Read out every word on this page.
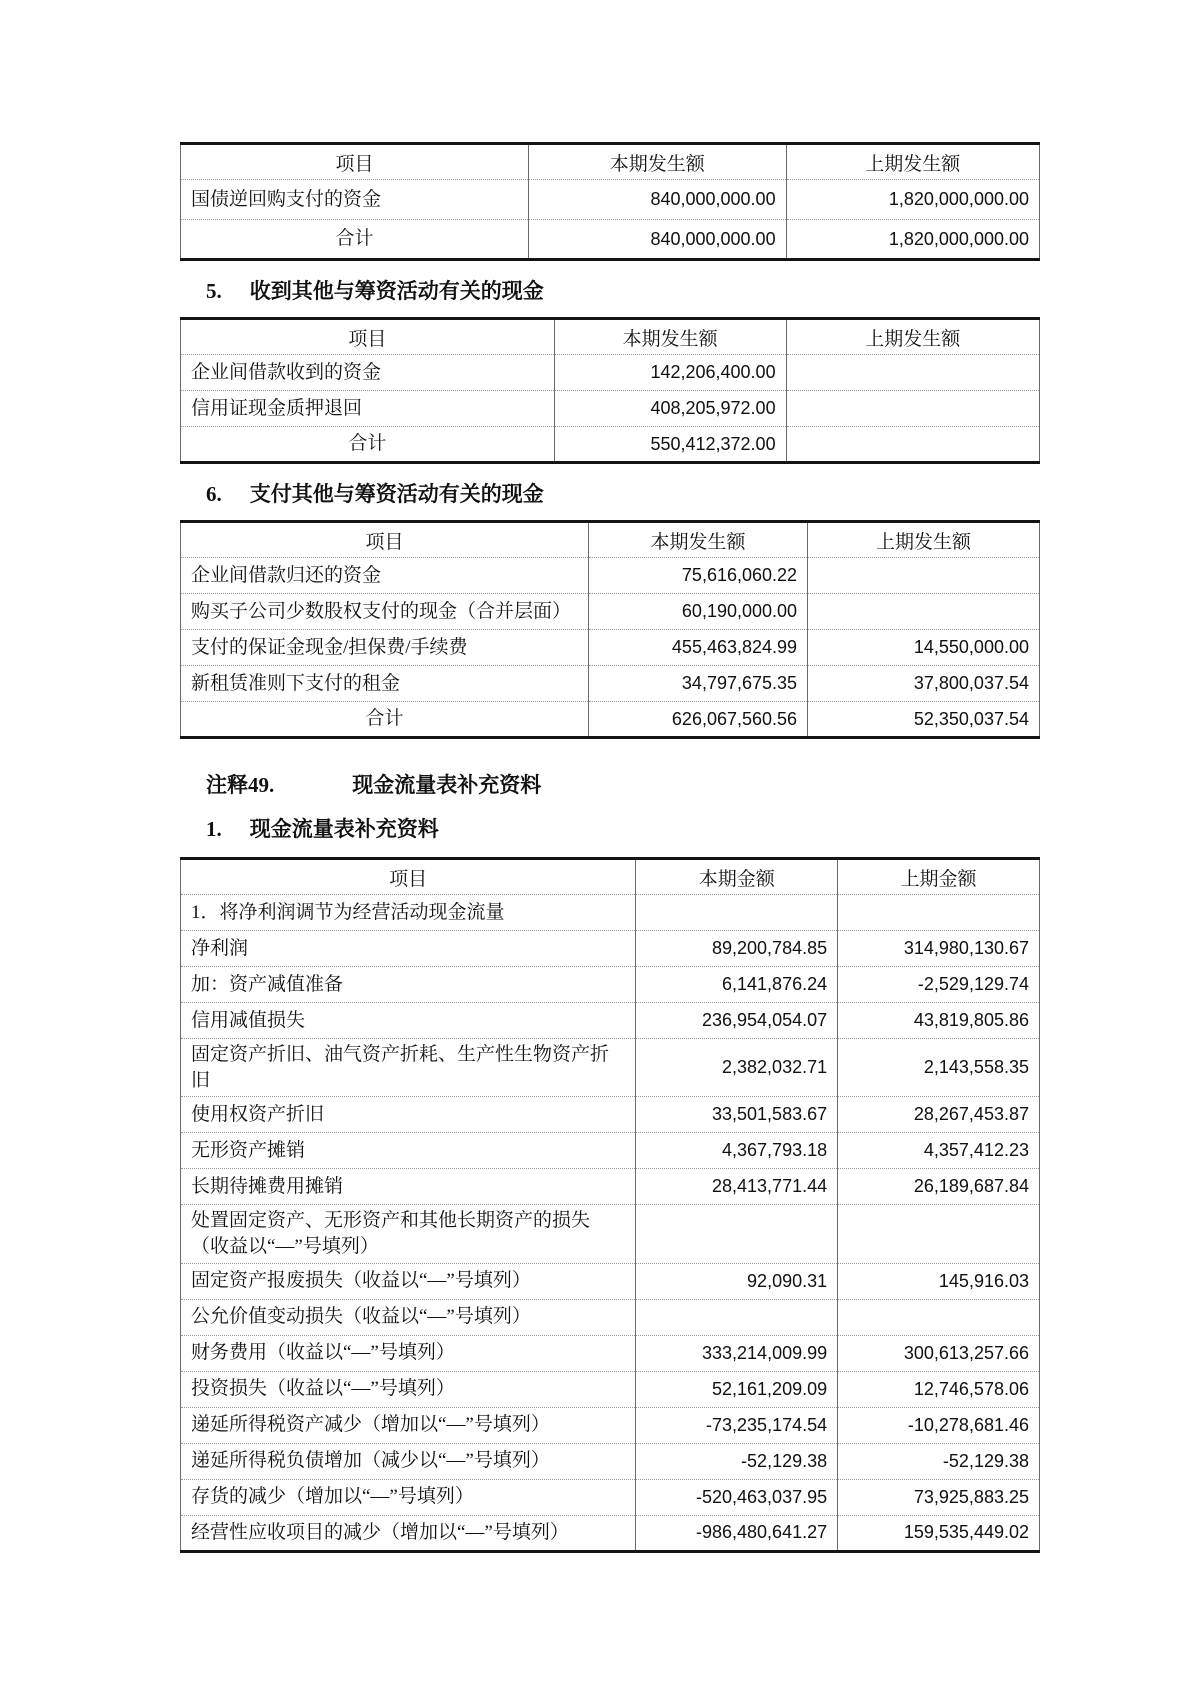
项目	本期发生额	上期发生额
国债逆回购支付的资金	840,000,000.00	1,820,000,000.00
合计	840,000,000.00	1,820,000,000.00
5. 收到其他与筹资活动有关的现金
项目	本期发生额	上期发生额
企业间借款收到的资金	142,206,400.00	
信用证现金质押退回	408,205,972.00	
合计	550,412,372.00	
6. 支付其他与筹资活动有关的现金
项目	本期发生额	上期发生额
企业间借款归还的资金	75,616,060.22	
购买子公司少数股权支付的现金（合并层面）	60,190,000.00	
支付的保证金现金/担保费/手续费	455,463,824.99	14,550,000.00
新租赁准则下支付的租金	34,797,675.35	37,800,037.54
合计	626,067,560.56	52,350,037.54
注释49.	现金流量表补充资料
1. 现金流量表补充资料
项目	本期金额	上期金额
1．将净利润调节为经营活动现金流量		
净利润	89,200,784.85	314,980,130.67
加：资产减值准备	6,141,876.24	-2,529,129.74
信用减值损失	236,954,054.07	43,819,805.86
固定资产折旧、油气资产折耗、生产性生物资产折旧	2,382,032.71	2,143,558.35
使用权资产折旧	33,501,583.67	28,267,453.87
无形资产摊销	4,367,793.18	4,357,412.23
长期待摊费用摊销	28,413,771.44	26,189,687.84
处置固定资产、无形资产和其他长期资产的损失
（收益以“—”号填列）		
固定资产报废损失（收益以“—”号填列）	92,090.31	145,916.03
公允价值变动损失（收益以“—”号填列）		
财务费用（收益以“—”号填列）	333,214,009.99	300,613,257.66
投资损失（收益以“—”号填列）	52,161,209.09	12,746,578.06
递延所得税资产减少（增加以“—”号填列）	-73,235,174.54	-10,278,681.46
递延所得税负债增加（减少以“—”号填列）	-52,129.38	-52,129.38
存货的减少（增加以“—”号填列）	-520,463,037.95	73,925,883.25
经营性应收项目的减少（增加以“—”号填列）	-986,480,641.27	159,535,449.02
